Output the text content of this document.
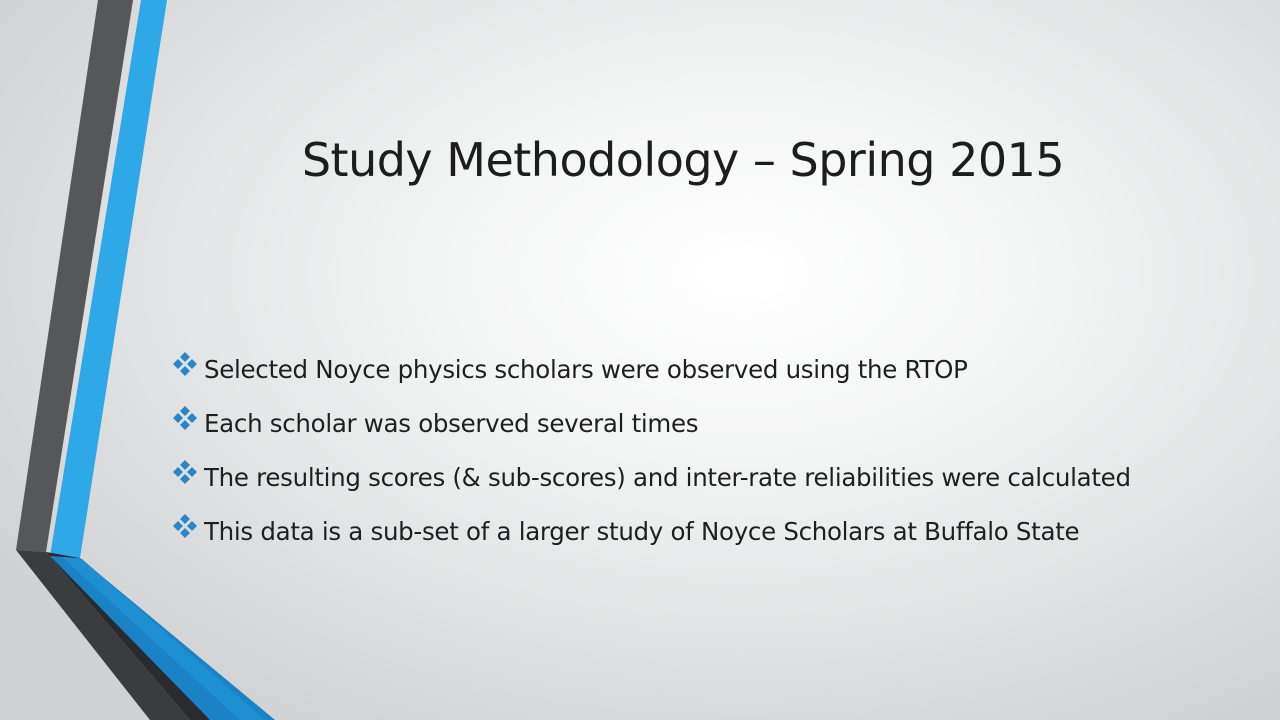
Study Methodology – Spring 2015
Selected Noyce physics scholars were observed using the RTOP
Each scholar was observed several times
The resulting scores (& sub-scores) and inter-rate reliabilities were calculated
This data is a sub-set of a larger study of Noyce Scholars at Buffalo State
